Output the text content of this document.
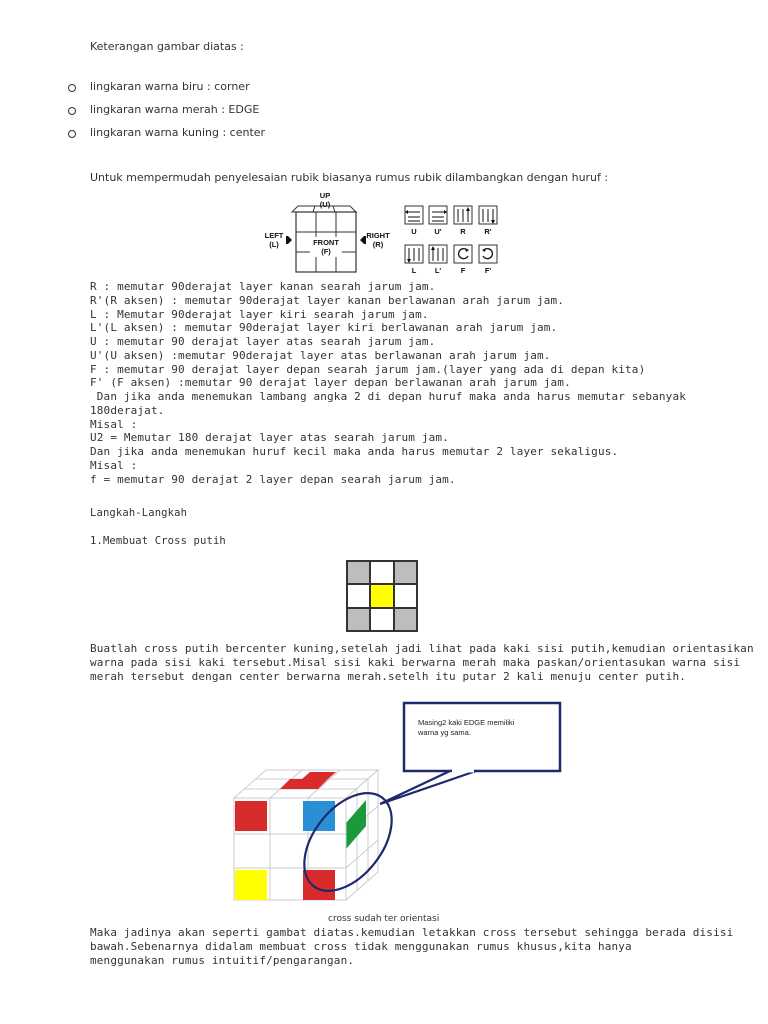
Keterangan gambar diatas :
lingkaran warna biru : corner
lingkaran warna merah : EDGE
lingkaran warna kuning : center
Untuk mempermudah penyelesaian rubik biasanya rumus rubik dilambangkan dengan huruf :
UP
(U)
LEFT
(L)
RIGHT
(R)
FRONT
(F)
U U' R R'
L L'	F	F'
R : memutar 90derajat layer kanan searah jarum jam.
R'(R aksen) : memutar 90derajat layer kanan berlawanan arah jarum jam.
L : Memutar 90derajat layer kiri searah jarum jam.
L'(L aksen) : memutar 90derajat layer kiri berlawanan arah jarum jam.
U : memutar 90 derajat layer atas searah jarum jam.
U'(U aksen) :memutar 90derajat layer atas berlawanan arah jarum jam.
F : memutar 90 derajat layer depan searah jarum jam.(layer yang ada di depan kita)
F' (F aksen) :memutar 90 derajat layer depan berlawanan arah jarum jam.
Dan jika anda menemukan lambang angka 2 di depan huruf maka anda harus memutar sebanyak
180derajat.
Misal :
U2 = Memutar 180 derajat layer atas searah jarum jam.
Dan jika anda menemukan huruf kecil maka anda harus memutar 2 layer sekaligus.
Misal :
f = memutar 90 derajat 2 layer depan searah jarum jam.
Langkah-Langkah
1.Membuat Cross putih
Buatlah cross putih bercenter kuning,setelah jadi lihat pada kaki sisi putih,kemudian orientasikan
warna pada sisi kaki tersebut.Misal sisi kaki berwarna merah maka paskan/orientasukan warna sisi
merah tersebut dengan center berwarna merah.setelh itu putar 2 kali menuju center putih.
Masing2 kaki EDGE memiliki
warna yg sama.
cross sudah ter orientasi
Maka jadinya akan seperti gambat diatas.kemudian letakkan cross tersebut sehingga berada disisi
bawah.Sebenarnya didalam membuat cross tidak menggunakan rumus khusus,kita hanya
menggunakan rumus intuitif/pengarangan.
